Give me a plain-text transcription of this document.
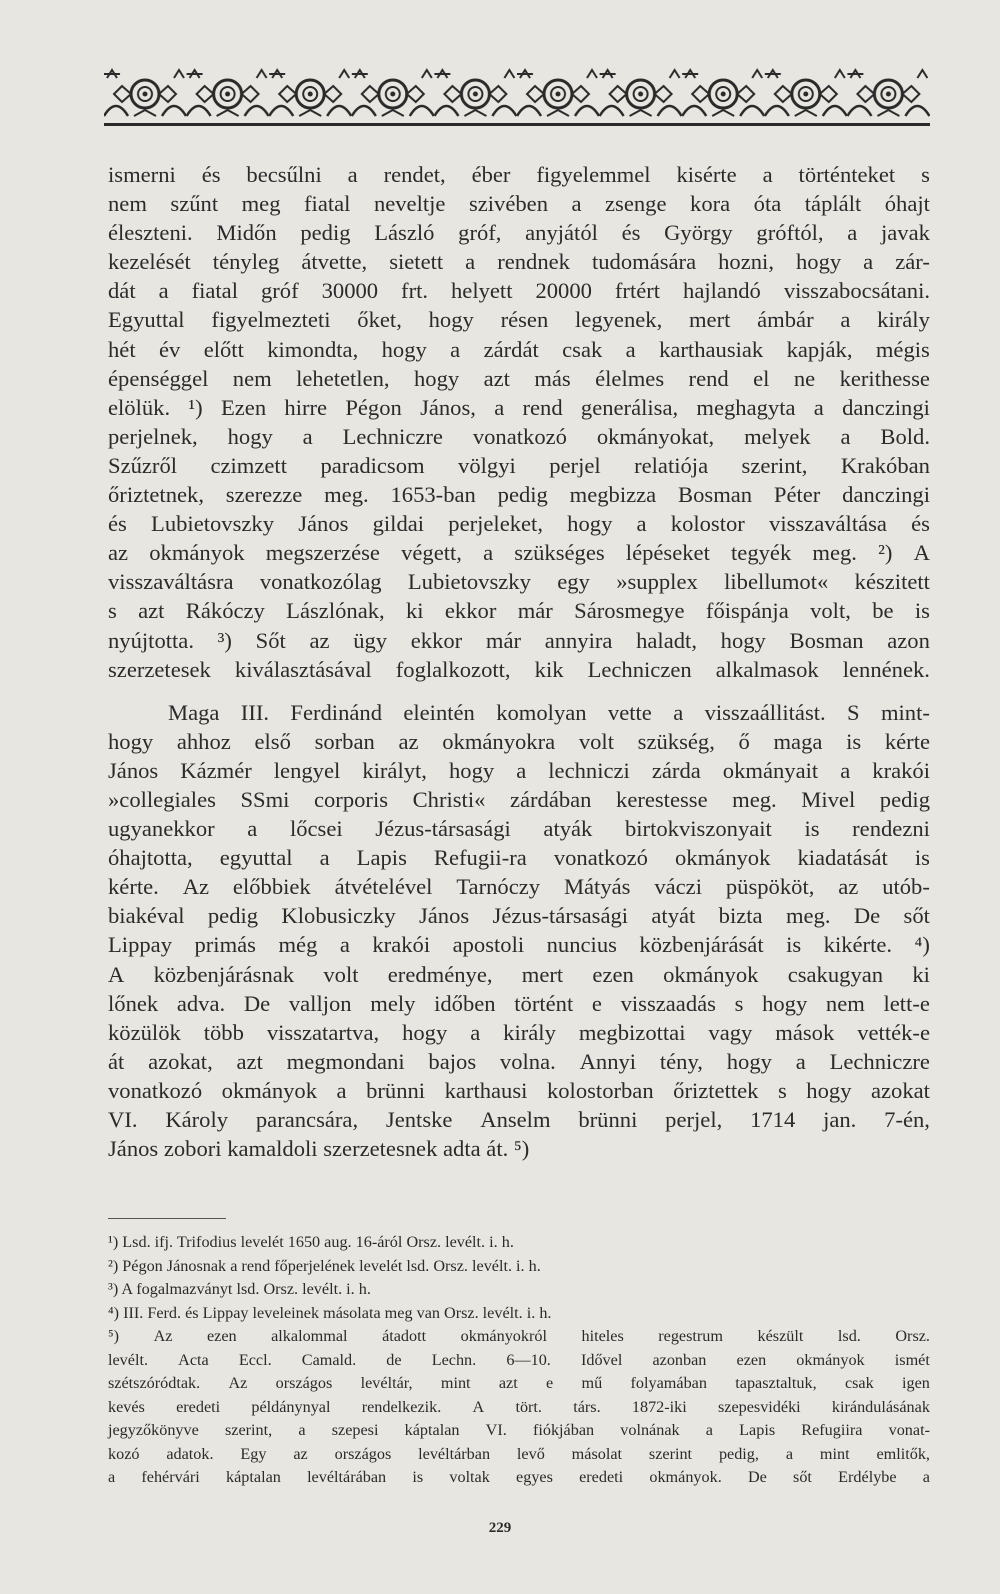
ismerni és becsűlni a rendet, éber figyelemmel kisérte a történteket s
nem szűnt meg fiatal neveltje szivében a zsenge kora óta táplált óhajt
éleszteni. Midőn pedig László gróf, anyjától és György gróftól, a javak
kezelését tényleg átvette, sietett a rendnek tudomására hozni, hogy a zár-
dát a fiatal gróf 30000 frt. helyett 20000 frtért hajlandó visszabocsátani.
Egyuttal figyelmezteti őket, hogy résen legyenek, mert ámbár a király
hét év előtt kimondta, hogy a zárdát csak a karthausiak kapják, mégis
épenséggel nem lehetetlen, hogy azt más élelmes rend el ne kerithesse
elölük. ¹) Ezen hirre Pégon János, a rend generálisa, meghagyta a danczingi
perjelnek, hogy a Lechniczre vonatkozó okmányokat, melyek a Bold.
Szűzről czimzett paradicsom völgyi perjel relatiója szerint, Krakóban
őriztetnek, szerezze meg. 1653-ban pedig megbizza Bosman Péter danczingi
és Lubietovszky János gildai perjeleket, hogy a kolostor visszaváltása és
az okmányok megszerzése végett, a szükséges lépéseket tegyék meg. ²) A
visszaváltásra vonatkozólag Lubietovszky egy »supplex libellumot« készitett
s azt Rákóczy Lászlónak, ki ekkor már Sárosmegye főispánja volt, be is
nyújtotta. ³) Sőt az ügy ekkor már annyira haladt, hogy Bosman azon
szerzetesek kiválasztásával foglalkozott, kik Lechniczen alkalmasok lennének.
Maga III. Ferdinánd eleintén komolyan vette a visszaállitást. S mint-
hogy ahhoz első sorban az okmányokra volt szükség, ő maga is kérte
János Kázmér lengyel királyt, hogy a lechniczi zárda okmányait a krakói
»collegiales SSmi corporis Christi« zárdában kerestesse meg. Mivel pedig
ugyanekkor a lőcsei Jézus-társasági atyák birtokviszonyait is rendezni
óhajtotta, egyuttal a Lapis Refugii-ra vonatkozó okmányok kiadatását is
kérte. Az előbbiek átvételével Tarnóczy Mátyás váczi püspököt, az utób-
biakéval pedig Klobusiczky János Jézus-társasági atyát bizta meg. De sőt
Lippay primás még a krakói apostoli nuncius közbenjárását is kikérte. ⁴)
A közbenjárásnak volt eredménye, mert ezen okmányok csakugyan ki
lőnek adva. De valljon mely időben történt e visszaadás s hogy nem lett-e
közülök több visszatartva, hogy a király megbizottai vagy mások vették-e
át azokat, azt megmondani bajos volna. Annyi tény, hogy a Lechniczre
vonatkozó okmányok a brünni karthausi kolostorban őriztettek s hogy azokat
VI. Károly parancsára, Jentske Anselm brünni perjel, 1714 jan. 7-én,
János zobori kamaldoli szerzetesnek adta át. ⁵)
¹) Lsd. ifj. Trifodius levelét 1650 aug. 16-áról Orsz. levélt. i. h.
²) Pégon Jánosnak a rend főperjelének levelét lsd. Orsz. levélt. i. h.
³) A fogalmazványt lsd. Orsz. levélt. i. h.
⁴) III. Ferd. és Lippay leveleinek másolata meg van Orsz. levélt. i. h.
⁵) Az ezen alkalommal átadott okmányokról hiteles regestrum készült lsd. Orsz.
levélt. Acta Eccl. Camald. de Lechn. 6—10. Idővel azonban ezen okmányok ismét
szétszóródtak. Az országos levéltár, mint azt e mű folyamában tapasztaltuk, csak igen
kevés eredeti példánynyal rendelkezik. A tört. társ. 1872-iki szepesvidéki kirándulásának
jegyzőkönyve szerint, a szepesi káptalan VI. fiókjában volnának a Lapis Refugiira vonat-
kozó adatok. Egy az országos levéltárban levő másolat szerint pedig, a mint emlitők,
a fehérvári káptalan levéltárában is voltak egyes eredeti okmányok. De sőt Erdélybe a
229
